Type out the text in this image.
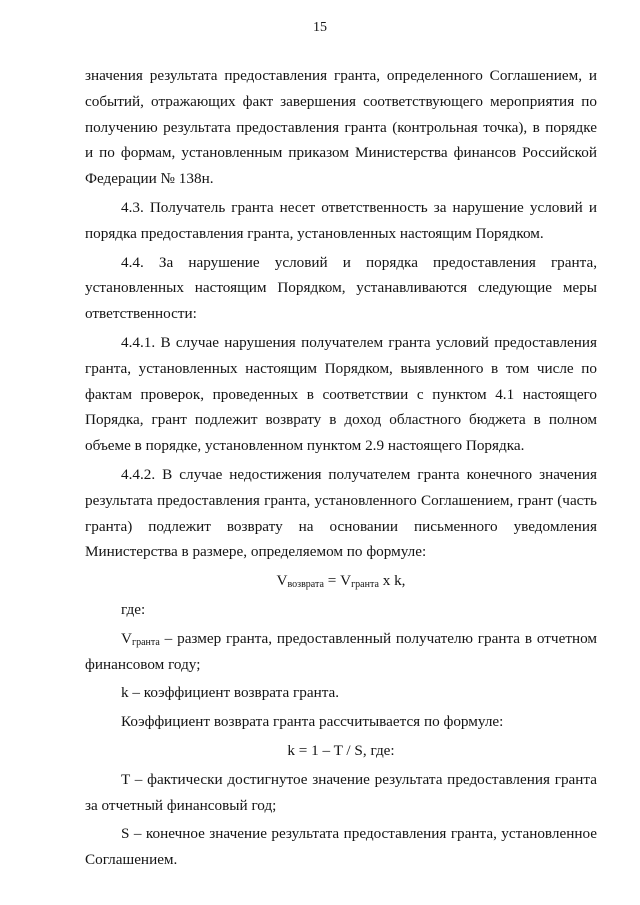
15

значения результата предоставления гранта, определенного Соглашением, и событий, отражающих факт завершения соответствующего мероприятия по получению результата предоставления гранта (контрольная точка), в порядке и по формам, установленным приказом Министерства финансов Российской Федерации № 138н.

4.3. Получатель гранта несет ответственность за нарушение условий и порядка предоставления гранта, установленных настоящим Порядком.

4.4. За нарушение условий и порядка предоставления гранта, установленных настоящим Порядком, устанавливаются следующие меры ответственности:

4.4.1. В случае нарушения получателем гранта условий предоставления гранта, установленных настоящим Порядком, выявленного в том числе по фактам проверок, проведенных в соответствии с пунктом 4.1 настоящего Порядка, грант подлежит возврату в доход областного бюджета в полном объеме в порядке, установленном пунктом 2.9 настоящего Порядка.

4.4.2. В случае недостижения получателем гранта конечного значения результата предоставления гранта, установленного Соглашением, грант (часть гранта) подлежит возврату на основании письменного уведомления Министерства в размере, определяемом по формуле:

$V_{возврата} = V_{гранта}$ x k,

где:

$V_{гранта}$ – размер гранта, предоставленный получателю гранта в отчетном финансовом году;

k – коэффициент возврата гранта.

Коэффициент возврата гранта рассчитывается по формуле:

k = 1 – T / S, где:

T – фактически достигнутое значение результата предоставления гранта за отчетный финансовый год;

S – конечное значение результата предоставления гранта, установленное Соглашением.
